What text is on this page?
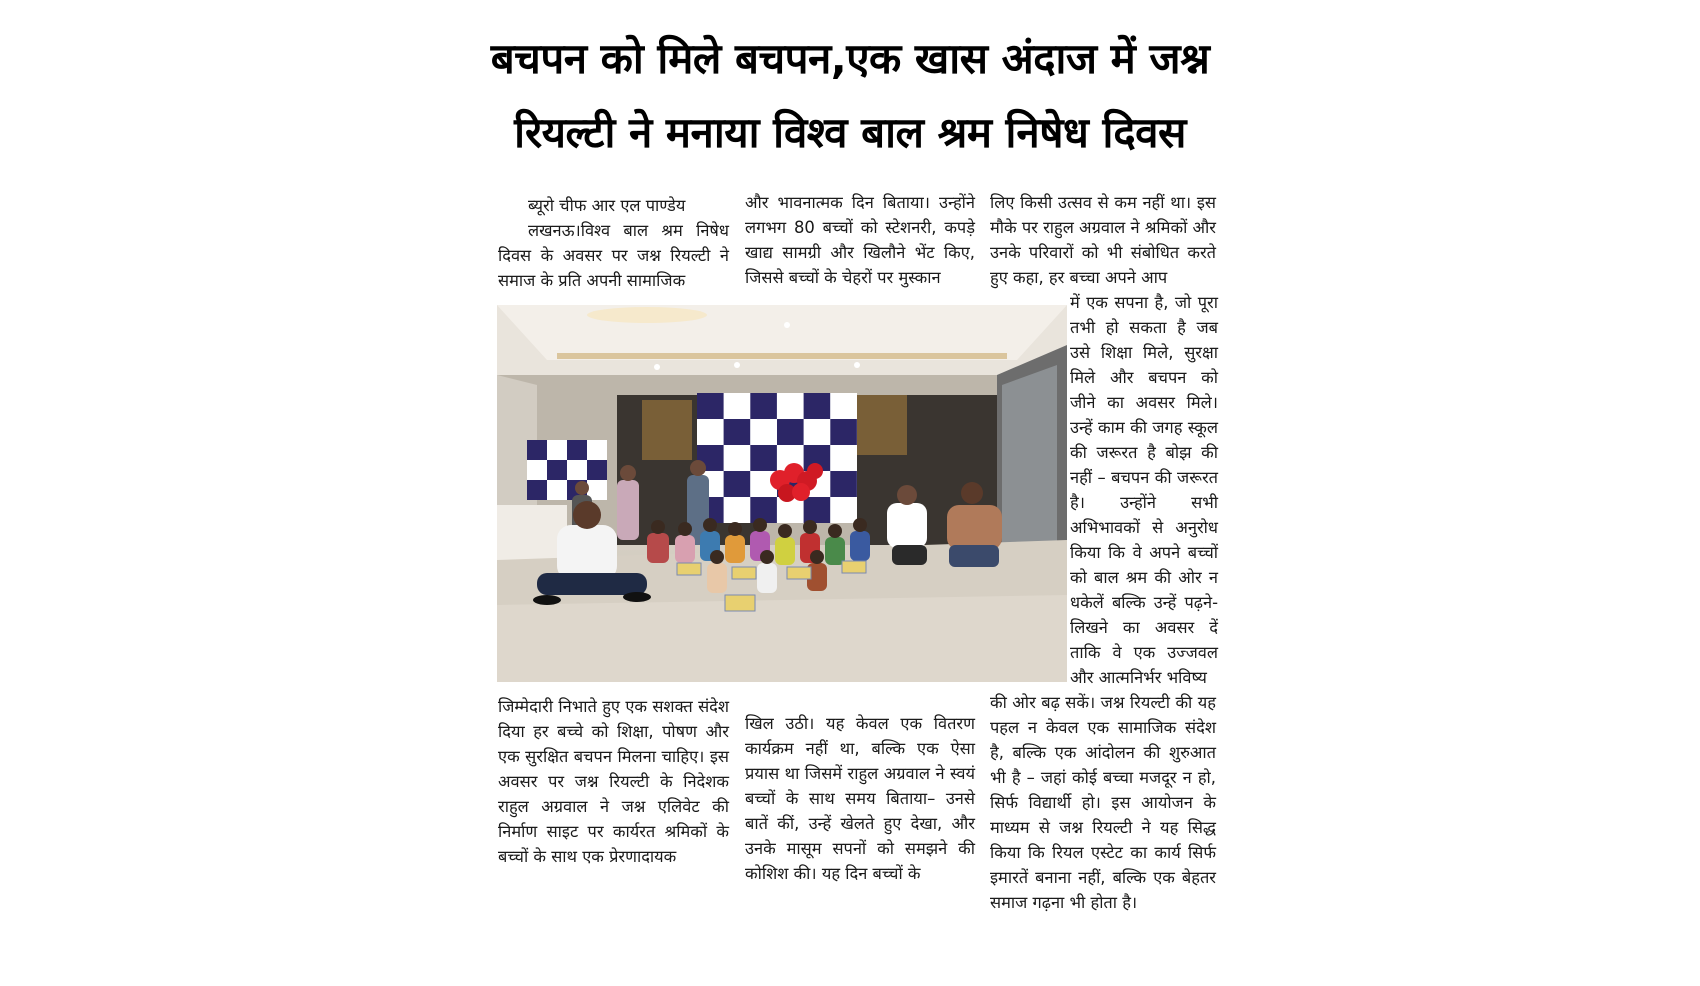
बचपन को मिले बचपन,एक खास अंदाज में जश्न
रियल्टी ने मनाया विश्व बाल श्रम निषेध दिवस

ब्यूरो चीफ आर एल पाण्डेय

लखनऊ।विश्व बाल श्रम निषेध दिवस के अवसर पर जश्न रियल्टी ने समाज के प्रति अपनी सामाजिक

और भावनात्मक दिन बिताया। उन्होंने लगभग 80 बच्चों को स्टेशनरी, कपड़े खाद्य सामग्री और खिलौने भेंट किए, जिससे बच्चों के चेहरों पर मुस्कान

लिए किसी उत्सव से कम नहीं था। इस मौके पर राहुल अग्रवाल ने श्रमिकों और उनके परिवारों को भी संबोधित करते हुए कहा, हर बच्चा अपने आप

में एक सपना है, जो पूरा तभी हो सकता है जब उसे शिक्षा मिले, सुरक्षा मिले और बचपन को जीने का अवसर मिले। उन्हें काम की जगह स्कूल की जरूरत है बोझ की नहीं – बचपन की जरूरत है। उन्होंने सभी अभिभावकों से अनुरोध किया कि वे अपने बच्चों को बाल श्रम की ओर न धकेलें बल्कि उन्हें पढ़ने-लिखने का अवसर दें ताकि वे एक उज्जवल और आत्मनिर्भर भविष्य

जिम्मेदारी निभाते हुए एक सशक्त संदेश दिया हर बच्चे को शिक्षा, पोषण और एक सुरक्षित बचपन मिलना चाहिए। इस अवसर पर जश्न रियल्टी के निदेशक राहुल अग्रवाल ने जश्न एलिवेट की निर्माण साइट पर कार्यरत श्रमिकों के बच्चों के साथ एक प्रेरणादायक

खिल उठी। यह केवल एक वितरण कार्यक्रम नहीं था, बल्कि एक ऐसा प्रयास था जिसमें राहुल अग्रवाल ने स्वयं बच्चों के साथ समय बिताया– उनसे बातें कीं, उन्हें खेलते हुए देखा, और उनके मासूम सपनों को समझने की कोशिश की। यह दिन बच्चों के

की ओर बढ़ सकें। जश्न रियल्टी की यह पहल न केवल एक सामाजिक संदेश है, बल्कि एक आंदोलन की शुरुआत भी है – जहां कोई बच्चा मजदूर न हो, सिर्फ विद्यार्थी हो। इस आयोजन के माध्यम से जश्न रियल्टी ने यह सिद्ध किया कि रियल एस्टेट का कार्य सिर्फ इमारतें बनाना नहीं, बल्कि एक बेहतर समाज गढ़ना भी होता है।
